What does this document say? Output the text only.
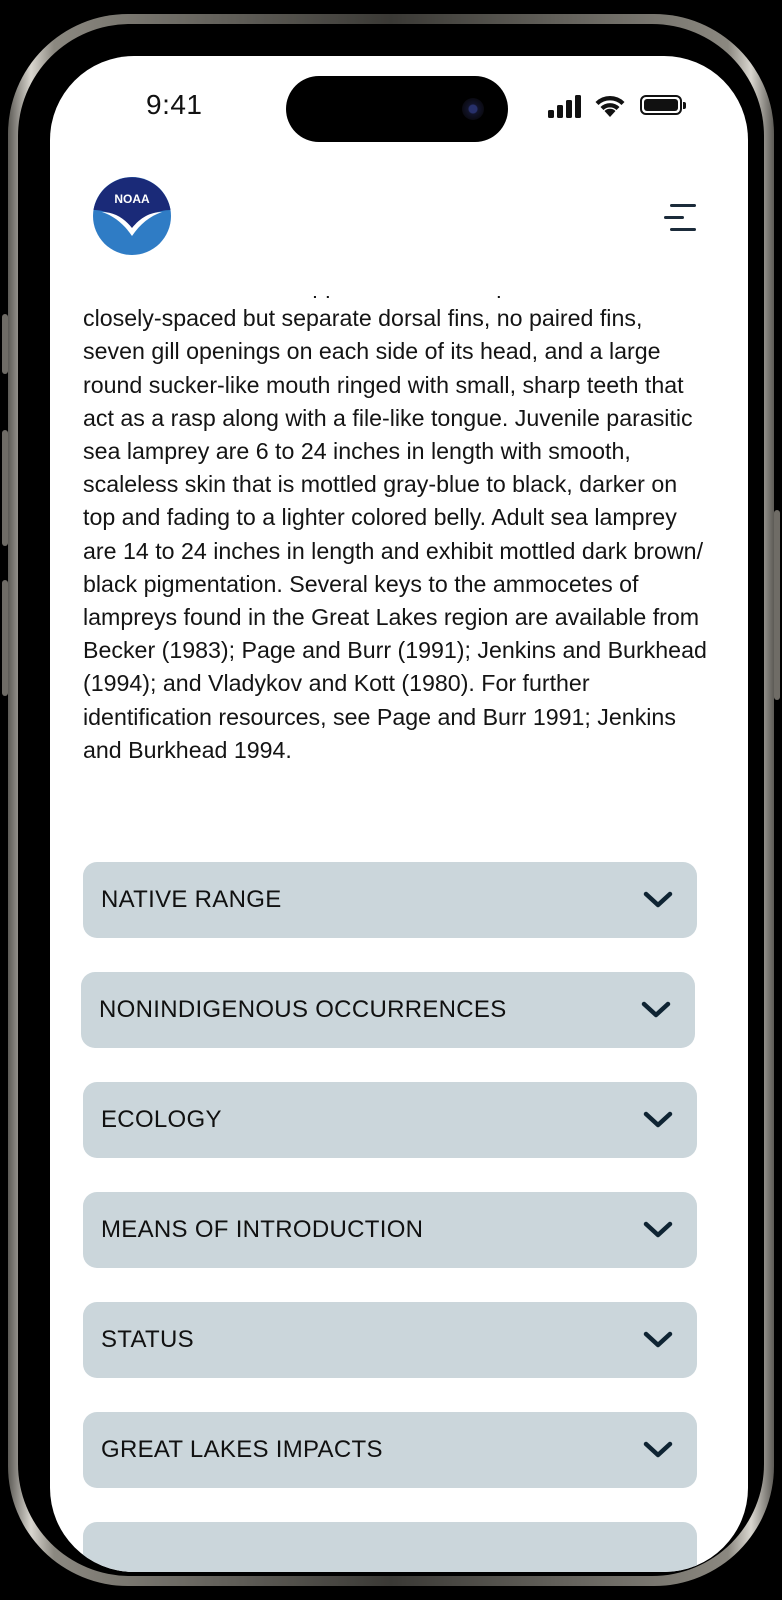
9:41
NOAA

closely-spaced but separate dorsal fins, no paired fins, seven gill openings on each side of its head, and a large round sucker-like mouth ringed with small, sharp teeth that act as a rasp along with a file-like tongue. Juvenile parasitic sea lamprey are 6 to 24 inches in length with smooth, scaleless skin that is mottled gray-blue to black, darker on top and fading to a lighter colored belly. Adult sea lamprey are 14 to 24 inches in length and exhibit mottled dark brown/ black pigmentation. Several keys to the ammocetes of lampreys found in the Great Lakes region are available from Becker (1983); Page and Burr (1991); Jenkins and Burkhead (1994); and Vladykov and Kott (1980). For further identification resources, see Page and Burr 1991; Jenkins and Burkhead 1994.

NATIVE RANGE
NONINDIGENOUS OCCURRENCES
ECOLOGY
MEANS OF INTRODUCTION
STATUS
GREAT LAKES IMPACTS
